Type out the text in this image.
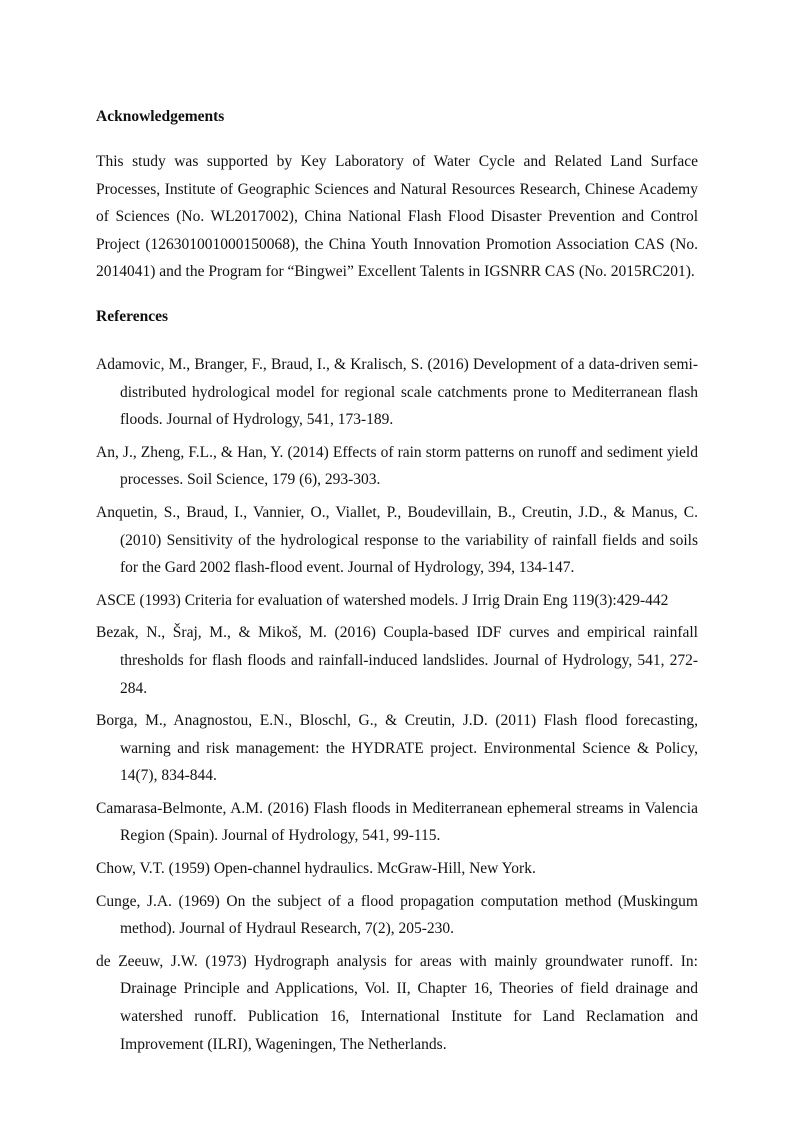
Acknowledgements

This study was supported by Key Laboratory of Water Cycle and Related Land Surface Processes, Institute of Geographic Sciences and Natural Resources Research, Chinese Academy of Sciences (No. WL2017002), China National Flash Flood Disaster Prevention and Control Project (126301001000150068), the China Youth Innovation Promotion Association CAS (No. 2014041) and the Program for “Bingwei” Excellent Talents in IGSNRR CAS (No. 2015RC201).

References
Adamovic, M., Branger, F., Braud, I., & Kralisch, S. (2016) Development of a data-driven semi-distributed hydrological model for regional scale catchments prone to Mediterranean flash floods. Journal of Hydrology, 541, 173-189.
An, J., Zheng, F.L., & Han, Y. (2014) Effects of rain storm patterns on runoff and sediment yield processes. Soil Science, 179 (6), 293-303.
Anquetin, S., Braud, I., Vannier, O., Viallet, P., Boudevillain, B., Creutin, J.D., & Manus, C. (2010) Sensitivity of the hydrological response to the variability of rainfall fields and soils for the Gard 2002 flash-flood event. Journal of Hydrology, 394, 134-147.
ASCE (1993) Criteria for evaluation of watershed models. J Irrig Drain Eng 119(3):429-442
Bezak, N., Šraj, M., & Mikoš, M. (2016) Coupla-based IDF curves and empirical rainfall thresholds for flash floods and rainfall-induced landslides. Journal of Hydrology, 541, 272-284.
Borga, M., Anagnostou, E.N., Bloschl, G., & Creutin, J.D. (2011) Flash flood forecasting, warning and risk management: the HYDRATE project. Environmental Science & Policy, 14(7), 834-844.
Camarasa-Belmonte, A.M. (2016) Flash floods in Mediterranean ephemeral streams in Valencia Region (Spain). Journal of Hydrology, 541, 99-115.
Chow, V.T. (1959) Open-channel hydraulics. McGraw-Hill, New York.
Cunge, J.A. (1969) On the subject of a flood propagation computation method (Muskingum method). Journal of Hydraul Research, 7(2), 205-230.
de Zeeuw, J.W. (1973) Hydrograph analysis for areas with mainly groundwater runoff. In: Drainage Principle and Applications, Vol. II, Chapter 16, Theories of field drainage and watershed runoff. Publication 16, International Institute for Land Reclamation and Improvement (ILRI), Wageningen, The Netherlands.
